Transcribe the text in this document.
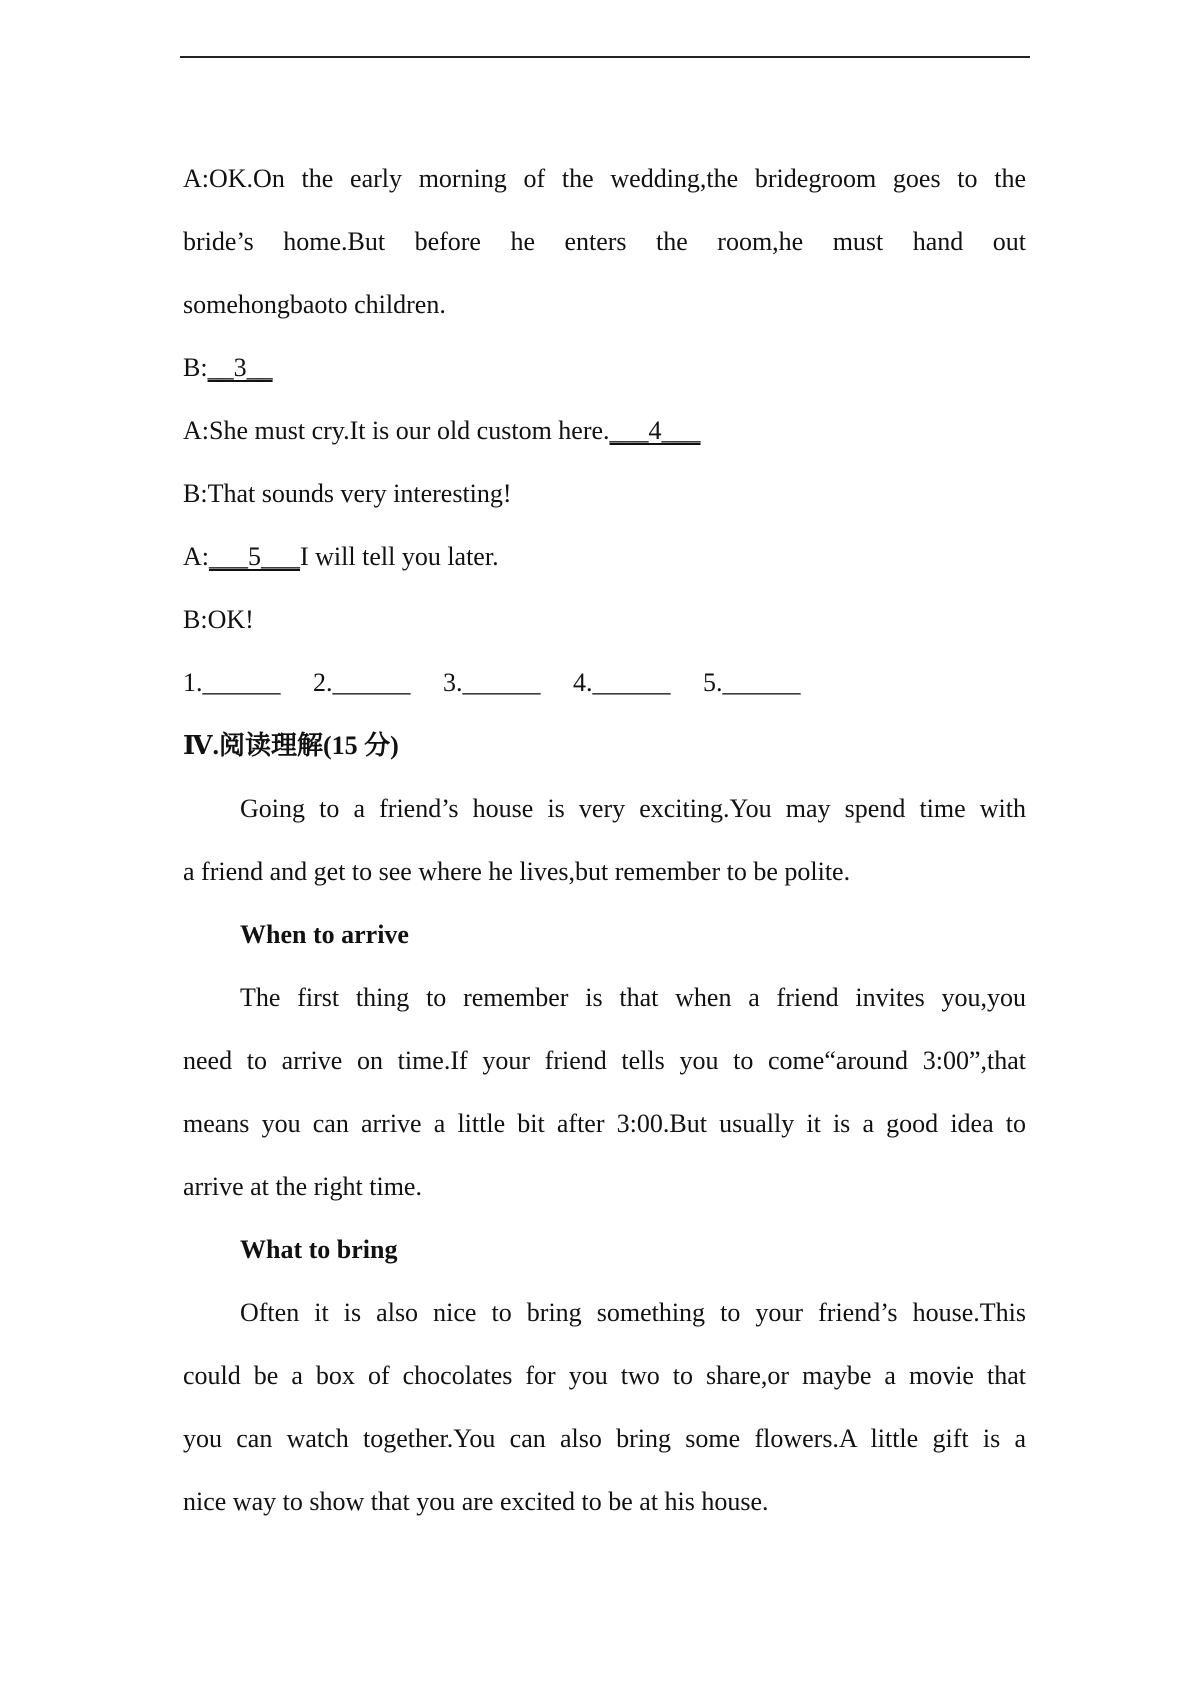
A:OK.On the early morning of the wedding,the bridegroom goes to the
bride’s home.But before he enters the room,he must hand out
somehongbaoto children.
B:__3__
A:She must cry.It is our old custom here.___4___
B:That sounds very interesting!
A:___5___I will tell you later.
B:OK!
1.______ 2.______ 3.______ 4.______ 5.______
Ⅳ.阅读理解(15 分)
Going to a friend’s house is very exciting.You may spend time with
a friend and get to see where he lives,but remember to be polite.
When to arrive
The first thing to remember is that when a friend invites you,you
need to arrive on time.If your friend tells you to come“around 3:00”,that
means you can arrive a little bit after 3:00.But usually it is a good idea to
arrive at the right time.
What to bring
Often it is also nice to bring something to your friend’s house.This
could be a box of chocolates for you two to share,or maybe a movie that
you can watch together.You can also bring some flowers.A little gift is a
nice way to show that you are excited to be at his house.
